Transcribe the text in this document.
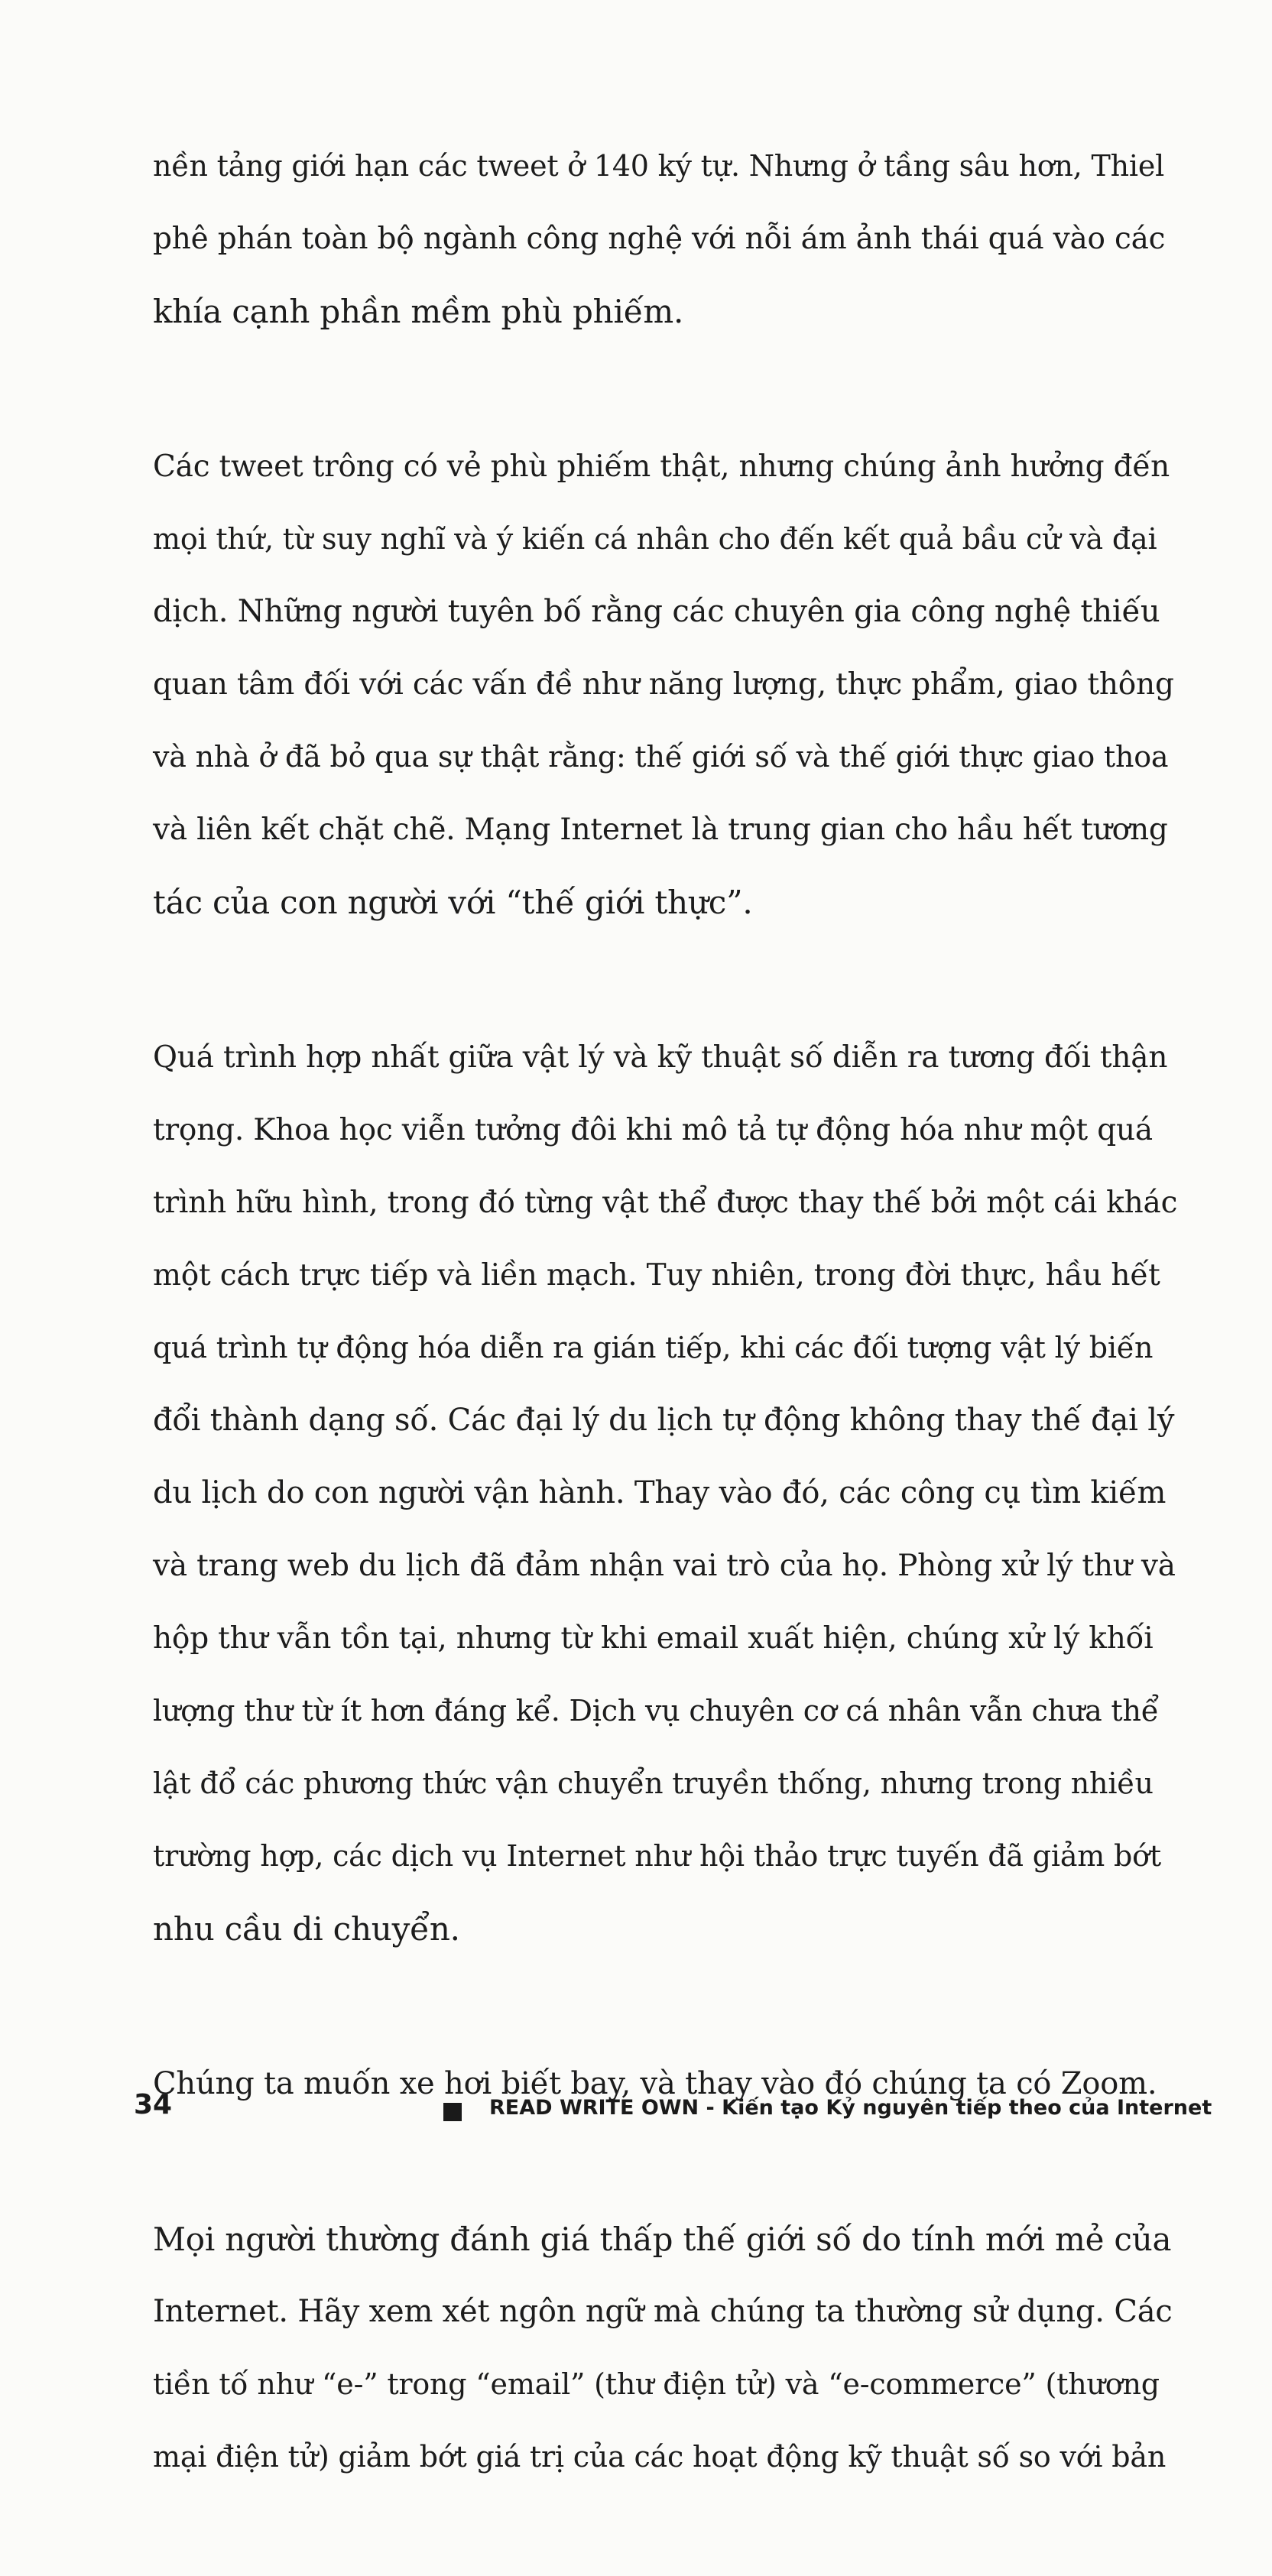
nền tảng giới hạn các tweet ở 140 ký tự. Nhưng ở tầng sâu hơn, Thiel
phê phán toàn bộ ngành công nghệ với nỗi ám ảnh thái quá vào các
khía cạnh phần mềm phù phiếm.
Các tweet trông có vẻ phù phiếm thật, nhưng chúng ảnh hưởng đến
mọi thứ, từ suy nghĩ và ý kiến cá nhân cho đến kết quả bầu cử và đại
dịch. Những người tuyên bố rằng các chuyên gia công nghệ thiếu
quan tâm đối với các vấn đề như năng lượng, thực phẩm, giao thông
và nhà ở đã bỏ qua sự thật rằng: thế giới số và thế giới thực giao thoa
và liên kết chặt chẽ. Mạng Internet là trung gian cho hầu hết tương
tác của con người với “thế giới thực”.
Quá trình hợp nhất giữa vật lý và kỹ thuật số diễn ra tương đối thận
trọng. Khoa học viễn tưởng đôi khi mô tả tự động hóa như một quá
trình hữu hình, trong đó từng vật thể được thay thế bởi một cái khác
một cách trực tiếp và liền mạch. Tuy nhiên, trong đời thực, hầu hết
quá trình tự động hóa diễn ra gián tiếp, khi các đối tượng vật lý biến
đổi thành dạng số. Các đại lý du lịch tự động không thay thế đại lý
du lịch do con người vận hành. Thay vào đó, các công cụ tìm kiếm
và trang web du lịch đã đảm nhận vai trò của họ. Phòng xử lý thư và
hộp thư vẫn tồn tại, nhưng từ khi email xuất hiện, chúng xử lý khối
lượng thư từ ít hơn đáng kể. Dịch vụ chuyên cơ cá nhân vẫn chưa thể
lật đổ các phương thức vận chuyển truyền thống, nhưng trong nhiều
trường hợp, các dịch vụ Internet như hội thảo trực tuyến đã giảm bớt
nhu cầu di chuyển.
Chúng ta muốn xe hơi biết bay, và thay vào đó chúng ta có Zoom.
Mọi người thường đánh giá thấp thế giới số do tính mới mẻ của
Internet. Hãy xem xét ngôn ngữ mà chúng ta thường sử dụng. Các
tiền tố như “e-” trong “email” (thư điện tử) và “e-commerce” (thương
mại điện tử) giảm bớt giá trị của các hoạt động kỹ thuật số so với bản
34	READ WRITE OWN - Kiến tạo Kỷ nguyên tiếp theo của Internet
